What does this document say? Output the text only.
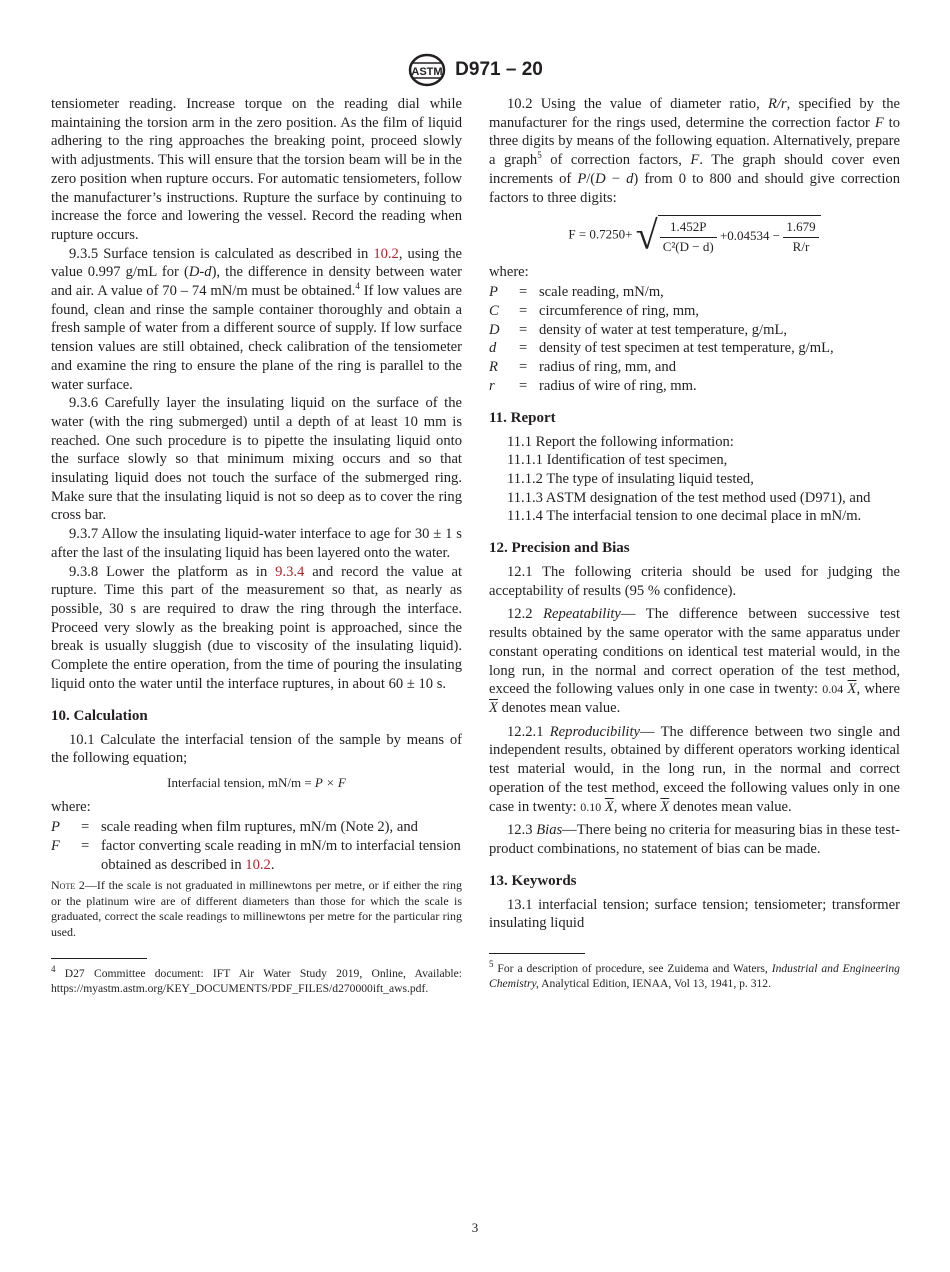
ASTM D971 – 20

tensiometer reading. Increase torque on the reading dial while maintaining the torsion arm in the zero position. As the film of liquid adhering to the ring approaches the breaking point, proceed slowly with adjustments. This will ensure that the torsion beam will be in the zero position when rupture occurs. For automatic tensiometers, follow the manufacturer’s instructions. Rupture the surface by continuing to increase the force and lowering the vessel. Record the reading when rupture occurs.

9.3.5 Surface tension is calculated as described in 10.2, using the value 0.997 g/mL for (D-d), the difference in density between water and air. A value of 70 – 74 mN/m must be obtained.$^4$ If low values are found, clean and rinse the sample container thoroughly and obtain a fresh sample of water from a different source of supply. If low surface tension values are still obtained, check calibration of the tensiometer and examine the ring to ensure the plane of the ring is parallel to the water surface.

9.3.6 Carefully layer the insulating liquid on the surface of the water (with the ring submerged) until a depth of at least 10 mm is reached. One such procedure is to pipette the insulating liquid onto the surface slowly so that minimum mixing occurs and so that insulating liquid does not touch the surface of the submerged ring. Make sure that the insulating liquid is not so deep as to cover the ring cross bar.

9.3.7 Allow the insulating liquid-water interface to age for 30 ± 1 s after the last of the insulating liquid has been layered onto the water.

9.3.8 Lower the platform as in 9.3.4 and record the value at rupture. Time this part of the measurement so that, as nearly as possible, 30 s are required to draw the ring through the interface. Proceed very slowly as the breaking point is approached, since the break is usually sluggish (due to viscosity of the insulating liquid). Complete the entire operation, from the time of pouring the insulating liquid onto the water until the interface ruptures, in about 60 ± 10 s.

10. Calculation

10.1 Calculate the interfacial tension of the sample by means of the following equation;

Interfacial tension, mN/m = P × F

where:

P	= scale reading when film ruptures, mN/m (Note 2), and
F	= factor converting scale reading in mN/m to interfacial tension obtained as described in 10.2.

Note 2—If the scale is not graduated in millinewtons per metre, or if either the ring or the platinum wire are of different diameters than those for which the scale is graduated, correct the scale readings to millinewtons per metre for the particular ring used.

$^4$ D27 Committee document: IFT Air Water Study 2019, Online, Available: https://myastm.astm.org/KEY_DOCUMENTS/PDF_FILES/d270000ift_aws.pdf.

10.2 Using the value of diameter ratio, R/r, specified by the manufacturer for the rings used, determine the correction factor F to three digits by means of the following equation. Alternatively, prepare a graph$^5$ of correction factors, F. The graph should cover even increments of P/(D − d) from 0 to 800 and should give correction factors to three digits:

F = 0.7250+ √ $\frac{1.452P}{\text{C²(D − d)}} +0.04534 - \frac{1.679}{R/r}$

where:

P	= scale reading, mN/m,
C	= circumference of ring, mm,
D	= density of water at test temperature, g/mL,
d	= density of test specimen at test temperature, g/mL,
R	= radius of ring, mm, and
r	= radius of wire of ring, mm.
11. Report

11.1 Report the following information:

11.1.1 Identification of test specimen,

11.1.2 The type of insulating liquid tested,

11.1.3 ASTM designation of the test method used (D971), and

11.1.4 The interfacial tension to one decimal place in mN/m.

12. Precision and Bias

12.1 The following criteria should be used for judging the acceptability of results (95 % confidence).

12.2 Repeatability— The difference between successive test results obtained by the same operator with the same apparatus under constant operating conditions on identical test material would, in the long run, in the normal and correct operation of the test method, exceed the following values only in one case in twenty: 0.04 $\overline{X}$, where $\overline{X}$ denotes mean value.

12.2.1 Reproducibility— The difference between two single and independent results, obtained by different operators working identical test material would, in the long run, in the normal and correct operation of the test method, exceed the following values only in one case in twenty: 0.10 $\overline{X}$, where $\overline{X}$ denotes mean value.

12.3 Bias—There being no criteria for measuring bias in these test-product combinations, no statement of bias can be made.

13. Keywords

13.1 interfacial tension; surface tension; tensiometer; transformer insulating liquid

$^5$ For a description of procedure, see Zuidema and Waters, Industrial and Engineering Chemistry, Analytical Edition, IENAA, Vol 13, 1941, p. 312.

3
